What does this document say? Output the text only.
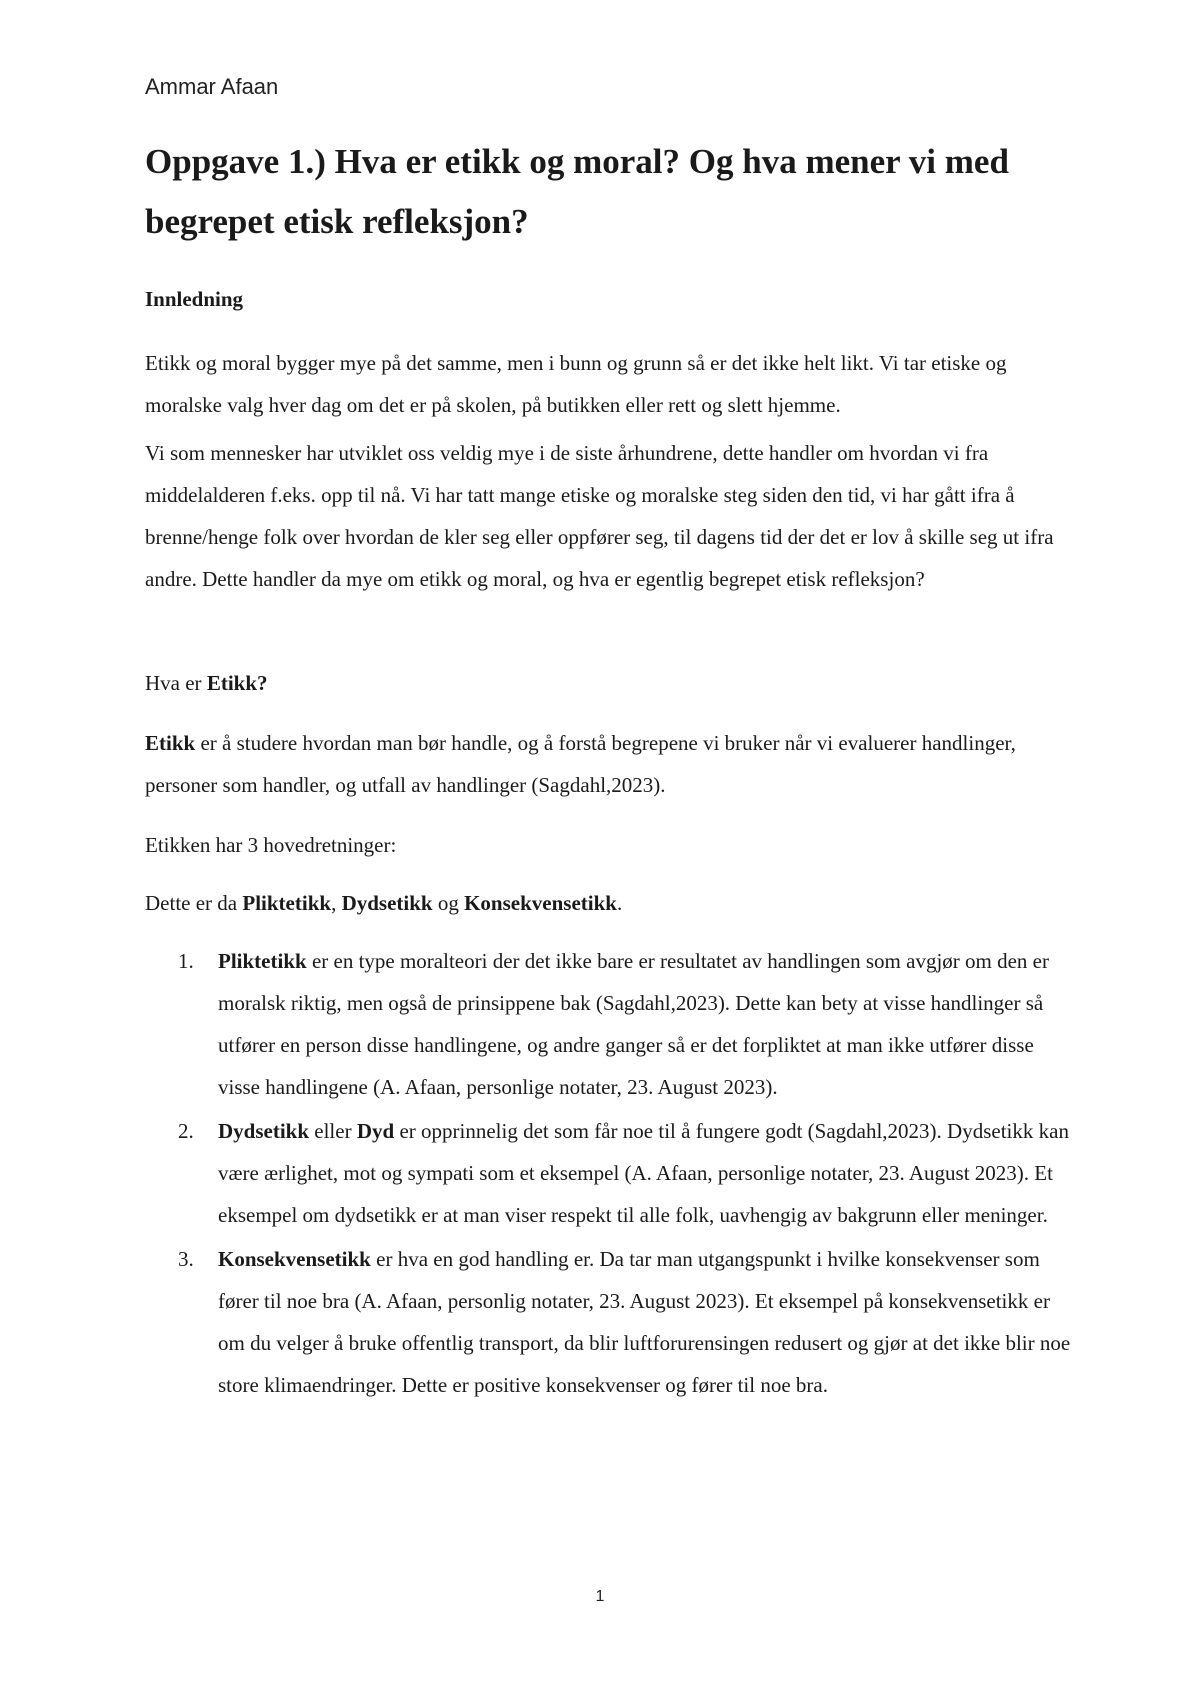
Ammar Afaan
Oppgave 1.) Hva er etikk og moral? Og hva mener vi med begrepet etisk refleksjon?
Innledning

Etikk og moral bygger mye på det samme, men i bunn og grunn så er det ikke helt likt. Vi tar etiske og moralske valg hver dag om det er på skolen, på butikken eller rett og slett hjemme.

Vi som mennesker har utviklet oss veldig mye i de siste århundrene, dette handler om hvordan vi fra middelalderen f.eks. opp til nå. Vi har tatt mange etiske og moralske steg siden den tid, vi har gått ifra å brenne/henge folk over hvordan de kler seg eller oppfører seg, til dagens tid der det er lov å skille seg ut ifra andre. Dette handler da mye om etikk og moral, og hva er egentlig begrepet etisk refleksjon?

Hva er Etikk?

Etikk er å studere hvordan man bør handle, og å forstå begrepene vi bruker når vi evaluerer handlinger, personer som handler, og utfall av handlinger (Sagdahl,2023).

Etikken har 3 hovedretninger:

Dette er da Pliktetikk, Dydsetikk og Konsekvensetikk.

1. Pliktetikk er en type moralteori der det ikke bare er resultatet av handlingen som avgjør om den er moralsk riktig, men også de prinsippene bak (Sagdahl,2023). Dette kan bety at visse handlinger så utfører en person disse handlingene, og andre ganger så er det forpliktet at man ikke utfører disse visse handlingene (A. Afaan, personlige notater, 23. August 2023).
2. Dydsetikk eller Dyd er opprinnelig det som får noe til å fungere godt (Sagdahl,2023). Dydsetikk kan være ærlighet, mot og sympati som et eksempel (A. Afaan, personlige notater, 23. August 2023). Et eksempel om dydsetikk er at man viser respekt til alle folk, uavhengig av bakgrunn eller meninger.
3. Konsekvensetikk er hva en god handling er. Da tar man utgangspunkt i hvilke konsekvenser som fører til noe bra (A. Afaan, personlig notater, 23. August 2023). Et eksempel på konsekvensetikk er om du velger å bruke offentlig transport, da blir luftforurensingen redusert og gjør at det ikke blir noe store klimaendringer. Dette er positive konsekvenser og fører til noe bra.
1
